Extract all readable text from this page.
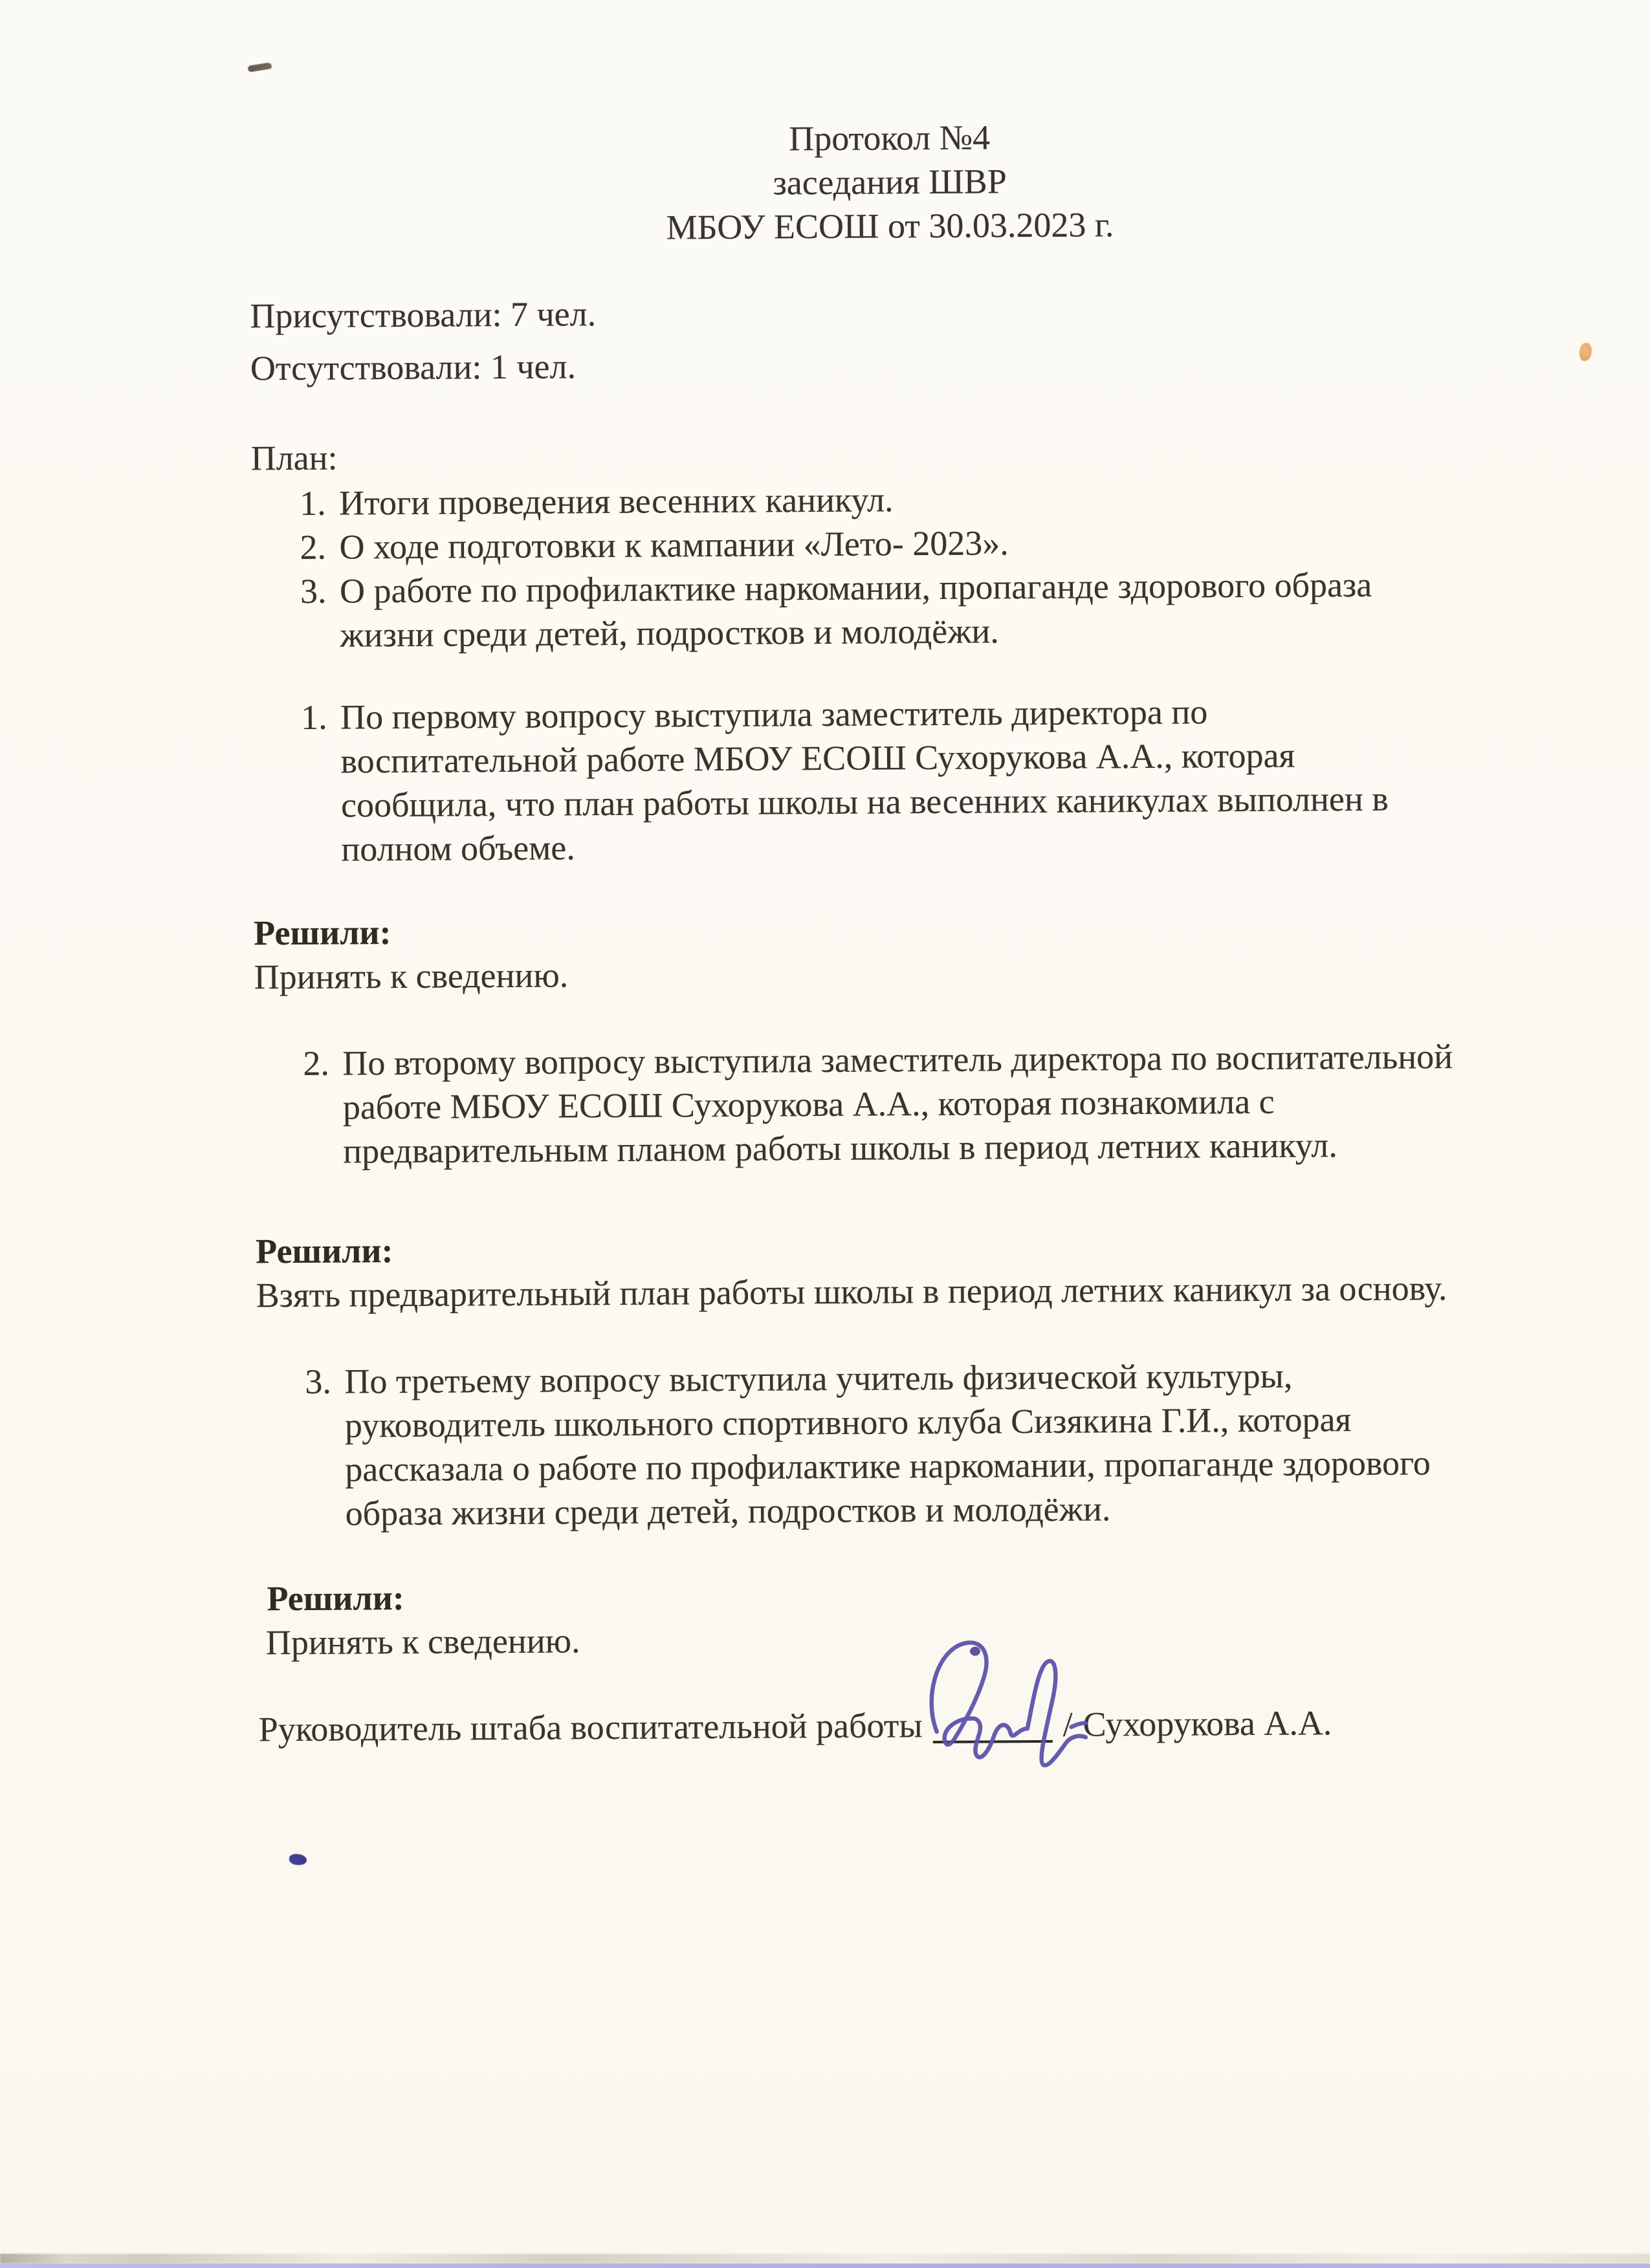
Протокол №4
заседания ШВР
МБОУ ЕСОШ от 30.03.2023 г.
Присутствовали: 7 чел.
Отсутствовали: 1 чел.
План:
1. Итоги проведения весенних каникул.
2. О ходе подготовки к кампании «Лето- 2023».
3. О работе по профилактике наркомании, пропаганде здорового образа
жизни среди детей, подростков и молодёжи.
1. По первому вопросу выступила заместитель директора по
воспитательной работе МБОУ ЕСОШ Сухорукова А.А., которая
сообщила, что план работы школы на весенних каникулах выполнен в
полном объеме.
Решили:
Принять к сведению.
2. По второму вопросу выступила заместитель директора по воспитательной
работе МБОУ ЕСОШ Сухорукова А.А., которая познакомила с
предварительным планом работы школы в период летних каникул.
Решили:
Взять предварительный план работы школы в период летних каникул за основу.
3. По третьему вопросу выступила учитель физической культуры,
руководитель школьного спортивного клуба Сизякина Г.И., которая
рассказала о работе по профилактике наркомании, пропаганде здорового
образа жизни среди детей, подростков и молодёжи.
Решили:
Принять к сведению.
Руководитель штаба воспитательной работы	/ Сухорукова А.А.
